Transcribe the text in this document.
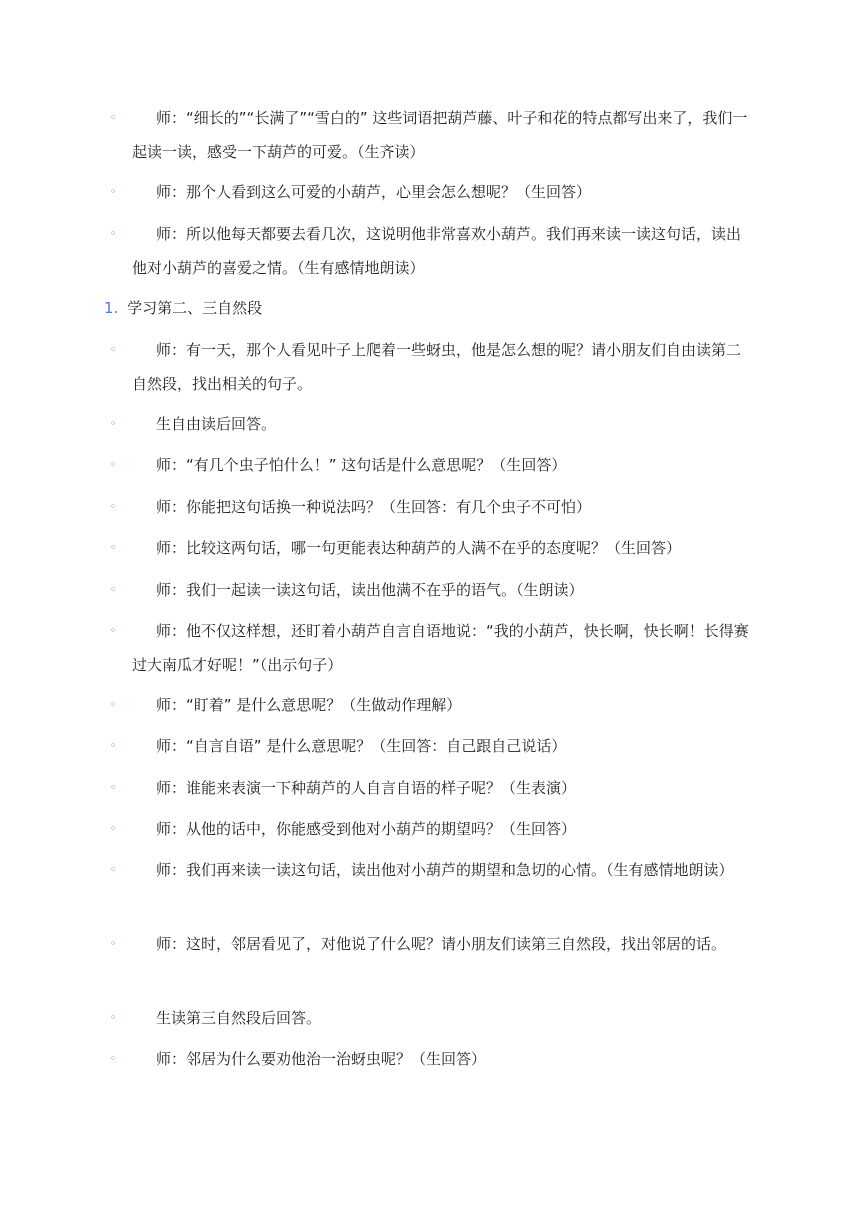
◦	师：“细长的”“长满了”“雪白的” 这些词语把葫芦藤、叶子和花的特点都写出来了，我们一起读一读，感受一下葫芦的可爱。（生齐读）
◦	师：那个人看到这么可爱的小葫芦，心里会怎么想呢？（生回答）
◦	师：所以他每天都要去看几次，这说明他非常喜欢小葫芦。我们再来读一读这句话，读出他对小葫芦的喜爱之情。（生有感情地朗读）
1. 学习第二、三自然段
◦	师：有一天，那个人看见叶子上爬着一些蚜虫，他是怎么想的呢？请小朋友们自由读第二自然段，找出相关的句子。
◦	生自由读后回答。
◦	师：“有几个虫子怕什么！” 这句话是什么意思呢？（生回答）
◦	师：你能把这句话换一种说法吗？（生回答：有几个虫子不可怕）
◦	师：比较这两句话，哪一句更能表达种葫芦的人满不在乎的态度呢？（生回答）
◦	师：我们一起读一读这句话，读出他满不在乎的语气。（生朗读）
◦	师：他不仅这样想，还盯着小葫芦自言自语地说：“我的小葫芦，快长啊，快长啊！长得赛过大南瓜才好呢！”（出示句子）
◦	师：“盯着” 是什么意思呢？（生做动作理解）
◦	师：“自言自语” 是什么意思呢？（生回答：自己跟自己说话）
◦	师：谁能来表演一下种葫芦的人自言自语的样子呢？（生表演）
◦	师：从他的话中，你能感受到他对小葫芦的期望吗？（生回答）
◦	师：我们再来读一读这句话，读出他对小葫芦的期望和急切的心情。（生有感情地朗读）
◦	师：这时，邻居看见了，对他说了什么呢？请小朋友们读第三自然段，找出邻居的话。
◦	生读第三自然段后回答。
◦	师：邻居为什么要劝他治一治蚜虫呢？（生回答）
